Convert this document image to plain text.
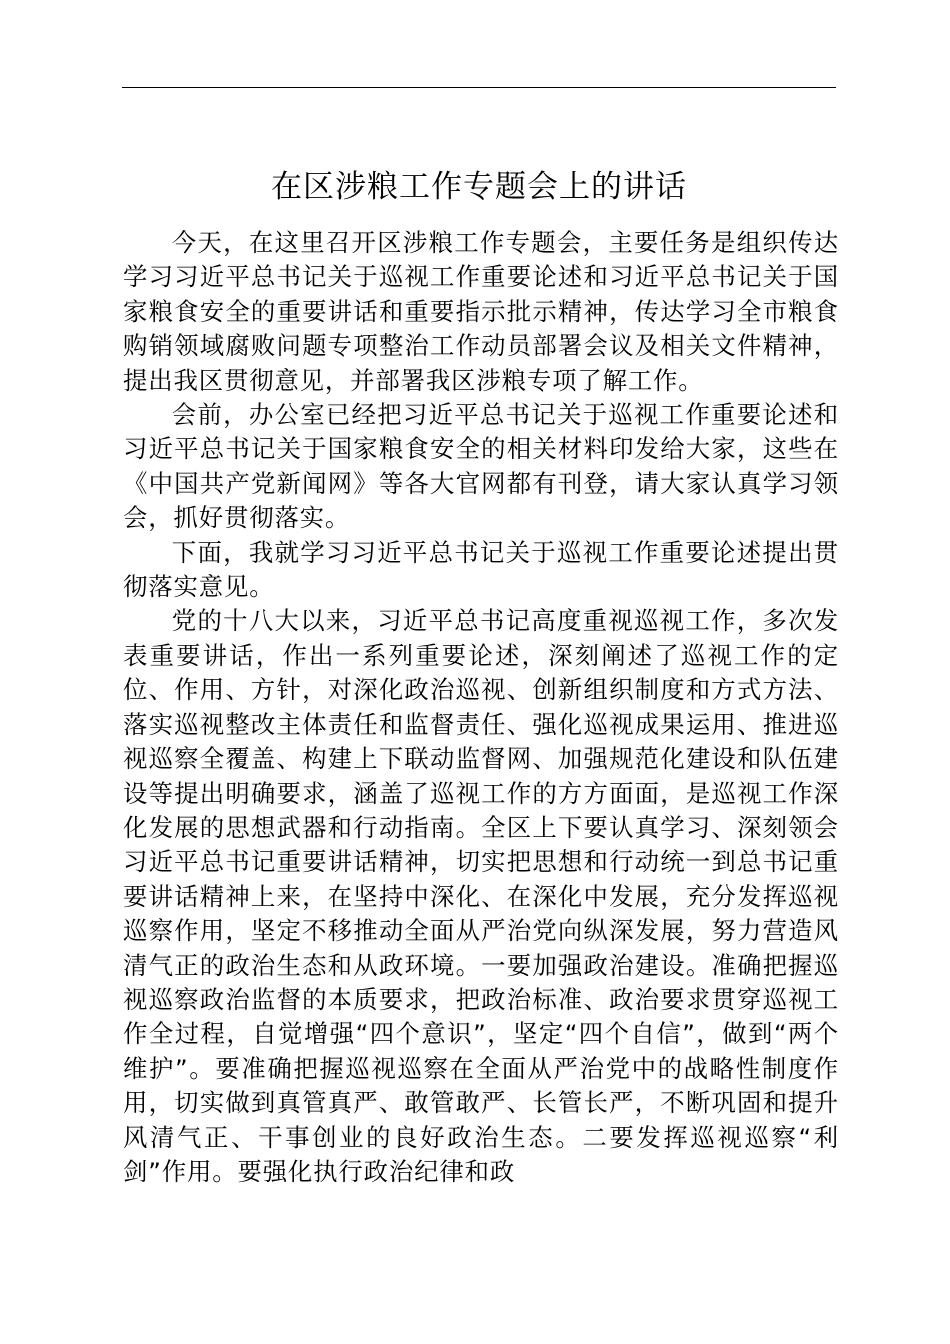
在区涉粮工作专题会上的讲话

今天，在这里召开区涉粮工作专题会，主要任务是组织传达学习习近平总书记关于巡视工作重要论述和习近平总书记关于国家粮食安全的重要讲话和重要指示批示精神，传达学习全市粮食购销领域腐败问题专项整治工作动员部署会议及相关文件精神，提出我区贯彻意见，并部署我区涉粮专项了解工作。

会前，办公室已经把习近平总书记关于巡视工作重要论述和习近平总书记关于国家粮食安全的相关材料印发给大家，这些在《中国共产党新闻网》等各大官网都有刊登，请大家认真学习领会，抓好贯彻落实。

下面，我就学习习近平总书记关于巡视工作重要论述提出贯彻落实意见。

党的十八大以来，习近平总书记高度重视巡视工作，多次发表重要讲话，作出一系列重要论述，深刻阐述了巡视工作的定位、作用、方针，对深化政治巡视、创新组织制度和方式方法、落实巡视整改主体责任和监督责任、强化巡视成果运用、推进巡视巡察全覆盖、构建上下联动监督网、加强规范化建设和队伍建设等提出明确要求，涵盖了巡视工作的方方面面，是巡视工作深化发展的思想武器和行动指南。全区上下要认真学习、深刻领会习近平总书记重要讲话精神，切实把思想和行动统一到总书记重要讲话精神上来，在坚持中深化、在深化中发展，充分发挥巡视巡察作用，坚定不移推动全面从严治党向纵深发展，努力营造风清气正的政治生态和从政环境。一要加强政治建设。准确把握巡视巡察政治监督的本质要求，把政治标准、政治要求贯穿巡视工作全过程，自觉增强“四个意识”，坚定“四个自信”，做到“两个维护”。要准确把握巡视巡察在全面从严治党中的战略性制度作用，切实做到真管真严、敢管敢严、长管长严，不断巩固和提升风清气正、干事创业的良好政治生态。二要发挥巡视巡察“利剑”作用。要强化执行政治纪律和政
